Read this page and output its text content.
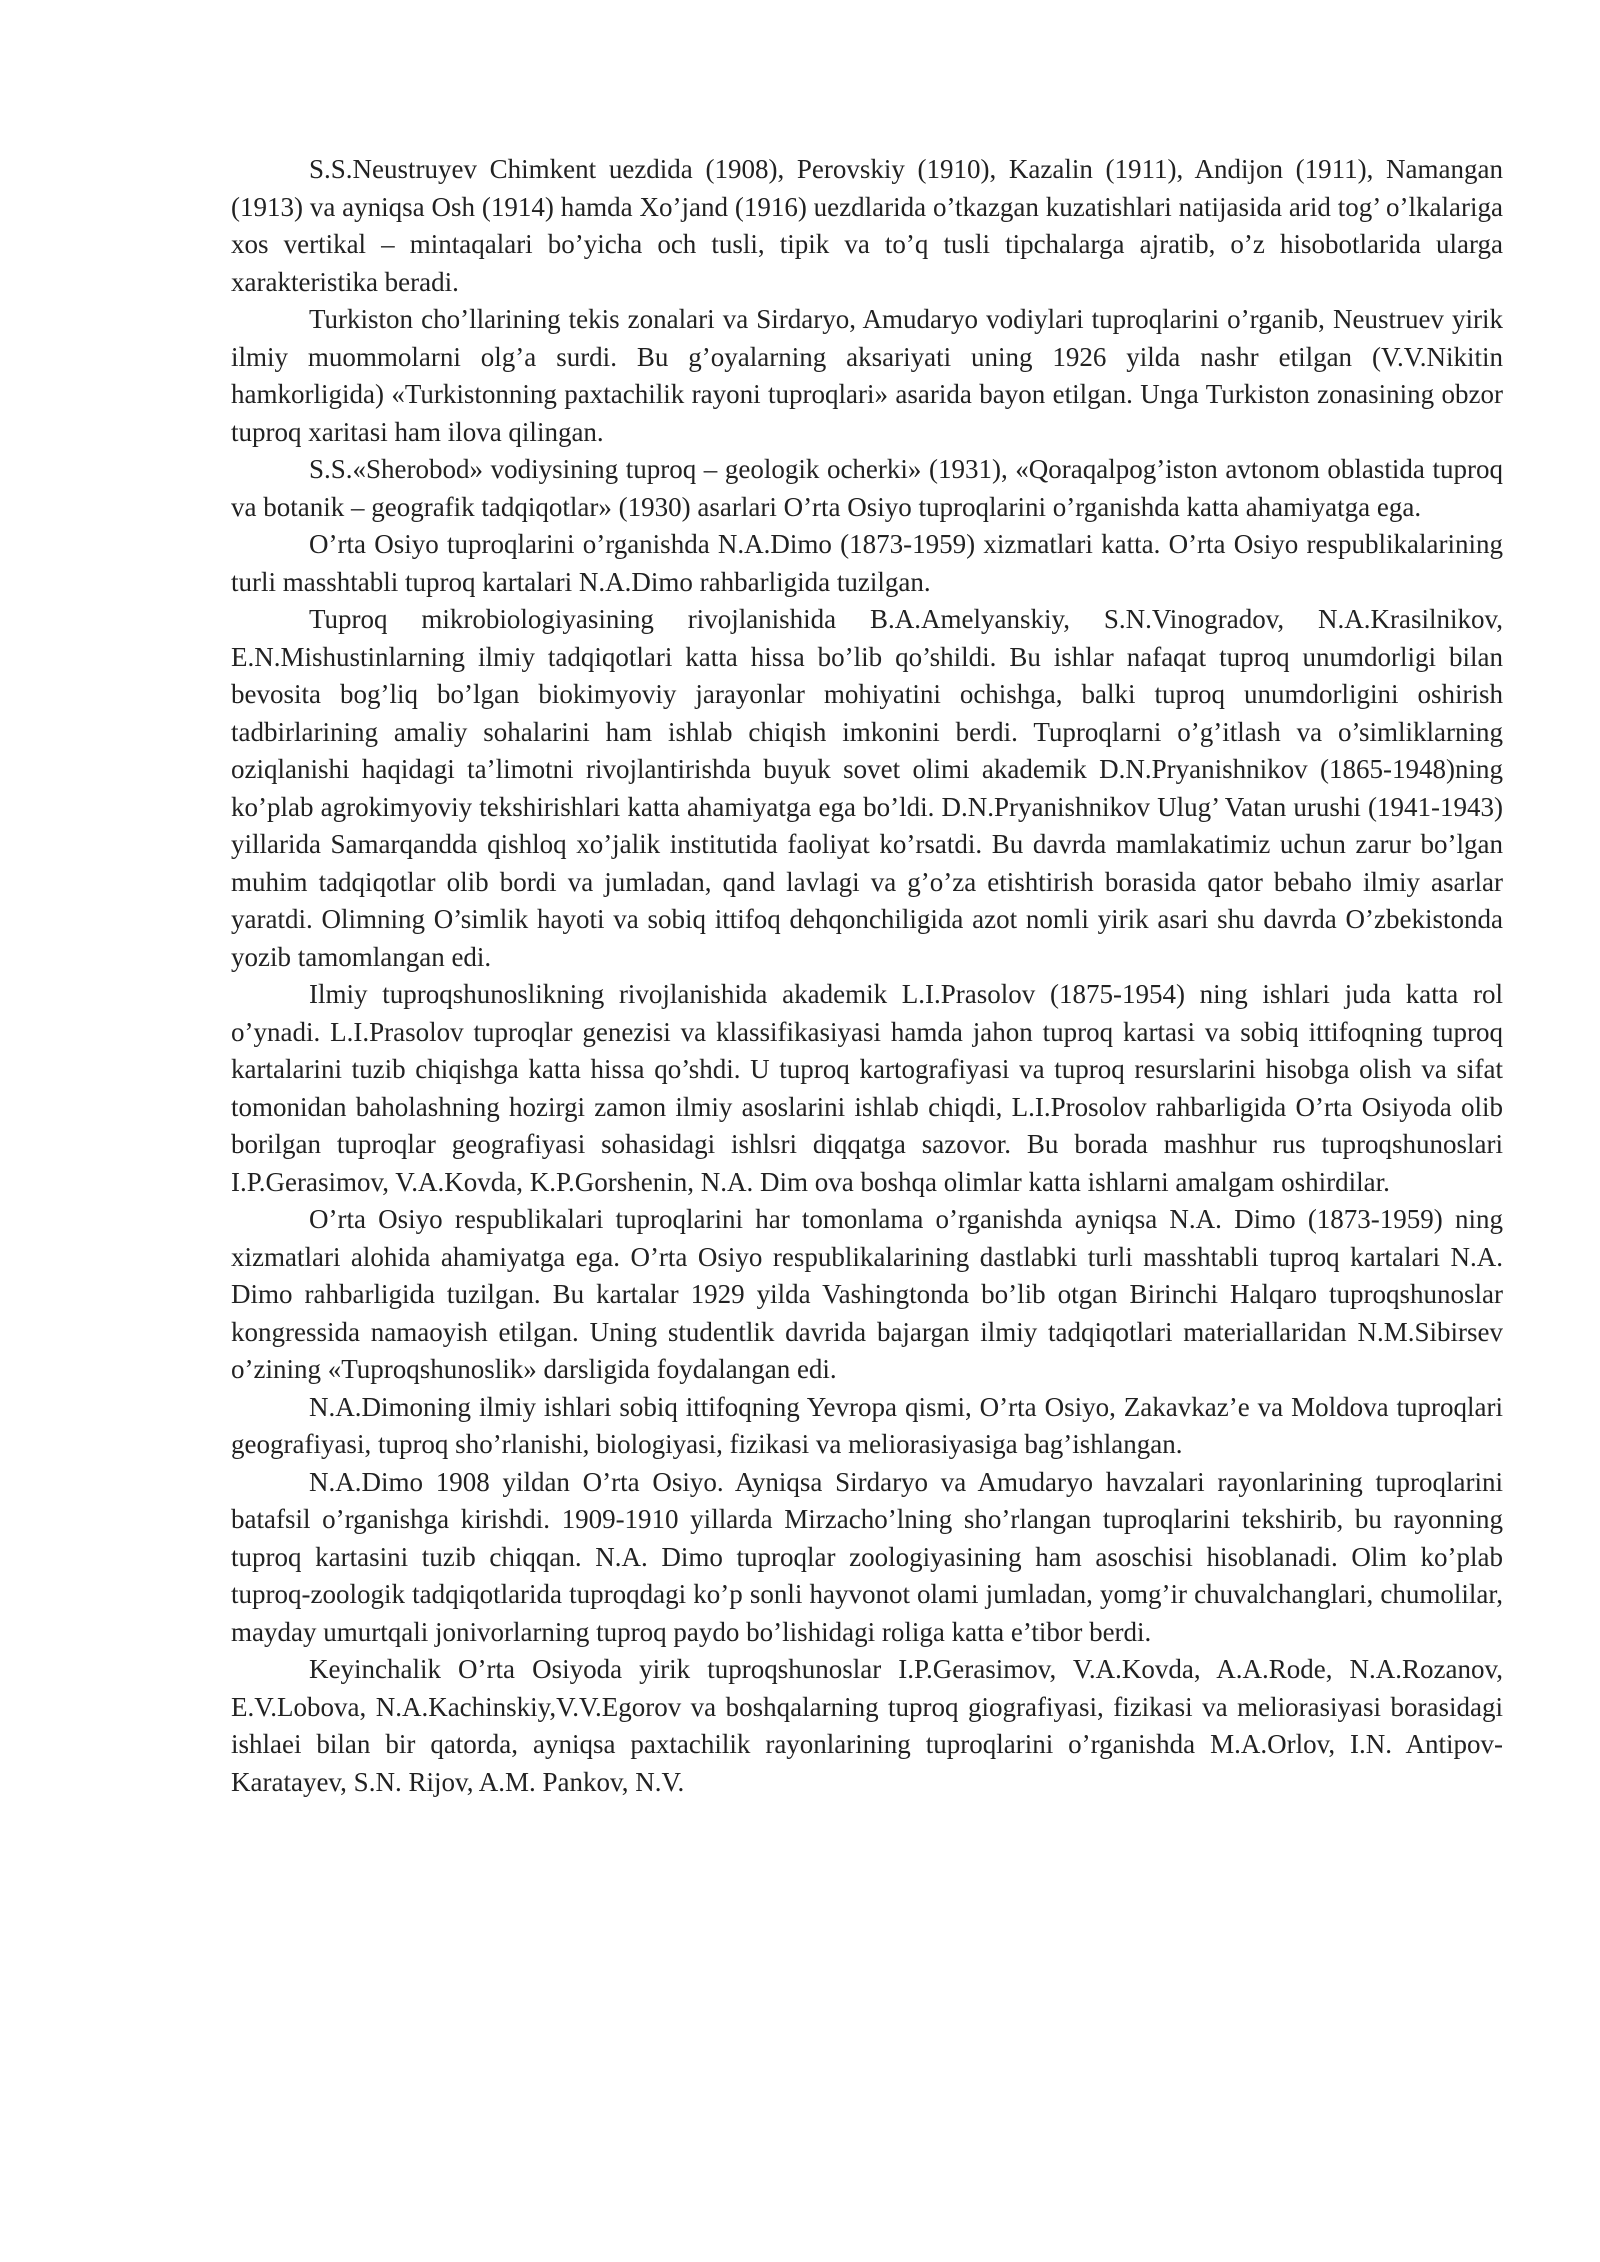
S.S.Neustruyev Chimkent uezdida (1908), Perovskiy (1910), Kazalin (1911), Andijon (1911), Namangan (1913) va ayniqsa Osh (1914) hamda Xo’jand (1916) uezdlarida o’tkazgan kuzatishlari natijasida arid tog’ o’lkalariga xos vertikal – mintaqalari bo’yicha och tusli, tipik va to’q tusli tipchalarga ajratib, o’z hisobotlarida ularga xarakteristika beradi.

Turkiston cho’llarining tekis zonalari va Sirdaryo, Amudaryo vodiylari tuproqlarini o’rganib, Neustruev yirik ilmiy muommolarni olg’a surdi. Bu g’oyalarning aksariyati uning 1926 yilda nashr etilgan (V.V.Nikitin hamkorligida) «Turkistonning paxtachilik rayoni tuproqlari» asarida bayon etilgan. Unga Turkiston zonasining obzor tuproq xaritasi ham ilova qilingan.

S.S.«Sherobod» vodiysining tuproq – geologik ocherki» (1931), «Qoraqalpog’iston avtonom oblastida tuproq va botanik – geografik tadqiqotlar» (1930) asarlari O’rta Osiyo tuproqlarini o’rganishda katta ahamiyatga ega.

O’rta Osiyo tuproqlarini o’rganishda N.A.Dimo (1873-1959) xizmatlari katta. O’rta Osiyo respublikalarining turli masshtabli tuproq kartalari N.A.Dimo rahbarligida tuzilgan.

Tuproq mikrobiologiyasining rivojlanishida B.A.Amelyanskiy, S.N.Vinogradov, N.A.Krasilnikov, E.N.Mishustinlarning ilmiy tadqiqotlari katta hissa bo’lib qo’shildi. Bu ishlar nafaqat tuproq unumdorligi bilan bevosita bog’liq bo’lgan biokimyoviy jarayonlar mohiyatini ochishga, balki tuproq unumdorligini oshirish tadbirlarining amaliy sohalarini ham ishlab chiqish imkonini berdi. Tuproqlarni o’g’itlash va o’simliklarning oziqlanishi haqidagi ta’limotni rivojlantirishda buyuk sovet olimi akademik D.N.Pryanishnikov (1865-1948)ning ko’plab agrokimyoviy tekshirishlari katta ahamiyatga ega bo’ldi. D.N.Pryanishnikov Ulug’ Vatan urushi (1941-1943) yillarida Samarqandda qishloq xo’jalik institutida faoliyat ko’rsatdi. Bu davrda mamlakatimiz uchun zarur bo’lgan muhim tadqiqotlar olib bordi va jumladan, qand lavlagi va g’o’za etishtirish borasida qator bebaho ilmiy asarlar yaratdi. Olimning O’simlik hayoti va sobiq ittifoq dehqonchiligida azot nomli yirik asari shu davrda O’zbekistonda yozib tamomlangan edi.

Ilmiy tuproqshunoslikning rivojlanishida akademik L.I.Prasolov (1875-1954) ning ishlari juda katta rol o’ynadi. L.I.Prasolov tuproqlar genezisi va klassifikasiyasi hamda jahon tuproq kartasi va sobiq ittifoqning tuproq kartalarini tuzib chiqishga katta hissa qo’shdi. U tuproq kartografiyasi va tuproq resurslarini hisobga olish va sifat tomonidan baholashning hozirgi zamon ilmiy asoslarini ishlab chiqdi, L.I.Prosolov rahbarligida O’rta Osiyoda olib borilgan tuproqlar geografiyasi sohasidagi ishlsri diqqatga sazovor. Bu borada mashhur rus tuproqshunoslari I.P.Gerasimov, V.A.Kovda, K.P.Gorshenin, N.A. Dim ova boshqa olimlar katta ishlarni amalgam oshirdilar.

O’rta Osiyo respublikalari tuproqlarini har tomonlama o’rganishda ayniqsa N.A. Dimo (1873-1959) ning xizmatlari alohida ahamiyatga ega. O’rta Osiyo respublikalarining dastlabki turli masshtabli tuproq kartalari N.A. Dimo rahbarligida tuzilgan. Bu kartalar 1929 yilda Vashingtonda bo’lib otgan Birinchi Halqaro tuproqshunoslar kongressida namaoyish etilgan. Uning studentlik davrida bajargan ilmiy tadqiqotlari materiallaridan N.M.Sibirsev o’zining «Tuproqshunoslik» darsligida foydalangan edi.

N.A.Dimoning ilmiy ishlari sobiq ittifoqning Yevropa qismi, O’rta Osiyo, Zakavkaz’e va Moldova tuproqlari geografiyasi, tuproq sho’rlanishi, biologiyasi, fizikasi va meliorasiyasiga bag’ishlangan.

N.A.Dimo 1908 yildan O’rta Osiyo. Ayniqsa Sirdaryo va Amudaryo havzalari rayonlarining tuproqlarini batafsil o’rganishga kirishdi. 1909-1910 yillarda Mirzacho’lning sho’rlangan tuproqlarini tekshirib, bu rayonning tuproq kartasini tuzib chiqqan. N.A. Dimo tuproqlar zoologiyasining ham asoschisi hisoblanadi. Olim ko’plab tuproq-zoologik tadqiqotlarida tuproqdagi ko’p sonli hayvonot olami jumladan, yomg’ir chuvalchanglari, chumolilar, mayday umurtqali jonivorlarning tuproq paydo bo’lishidagi roliga katta e’tibor berdi.

Keyinchalik O’rta Osiyoda yirik tuproqshunoslar I.P.Gerasimov, V.A.Kovda, A.A.Rode, N.A.Rozanov, E.V.Lobova, N.A.Kachinskiy,V.V.Egorov va boshqalarning tuproq giografiyasi, fizikasi va meliorasiyasi borasidagi ishlaei bilan bir qatorda, ayniqsa paxtachilik rayonlarining tuproqlarini o’rganishda M.A.Orlov, I.N. Antipov-Karatayev, S.N. Rijov, A.M. Pankov, N.V.
